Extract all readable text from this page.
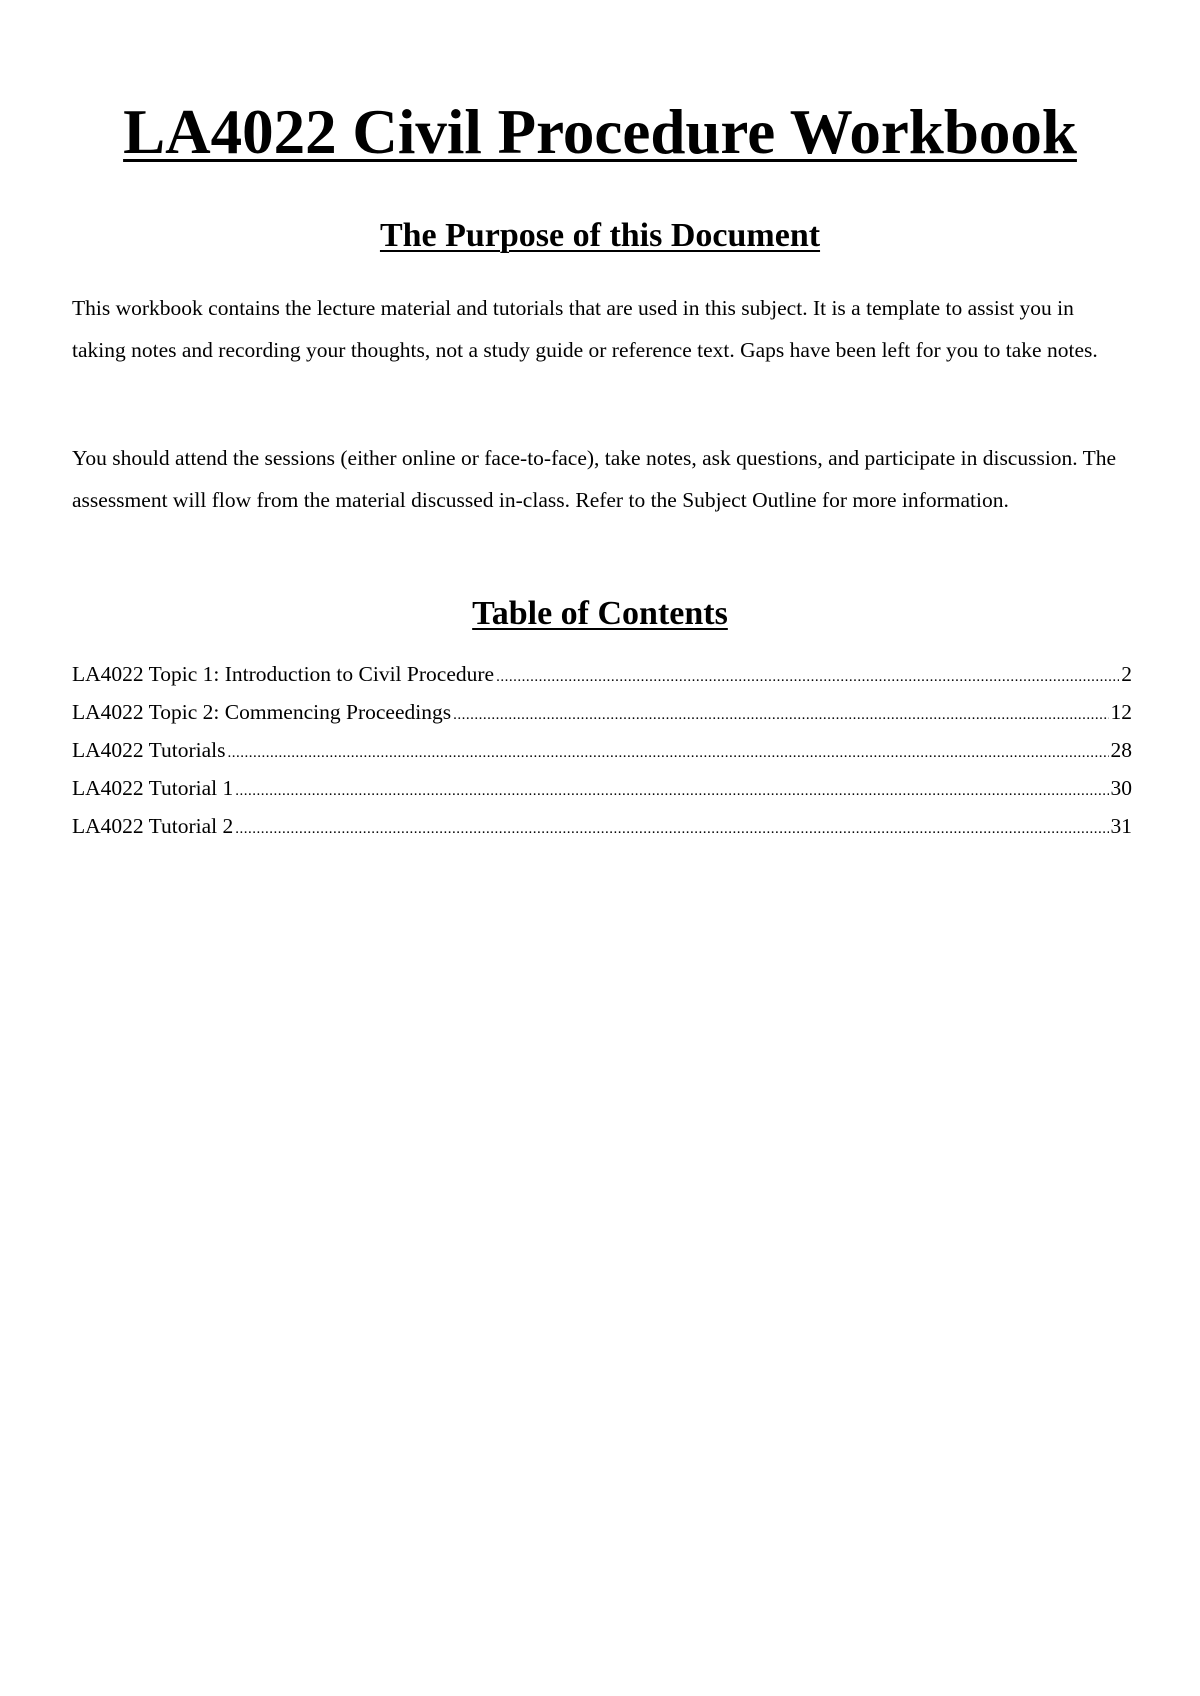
LA4022 Civil Procedure Workbook
The Purpose of this Document

This workbook contains the lecture material and tutorials that are used in this subject. It is a template to assist you in taking notes and recording your thoughts, not a study guide or reference text. Gaps have been left for you to take notes.

You should attend the sessions (either online or face-to-face), take notes, ask questions, and participate in discussion. The assessment will flow from the material discussed in-class. Refer to the Subject Outline for more information.

Table of Contents
LA4022 Topic 1: Introduction to Civil Procedure .....	2
LA4022 Topic 2: Commencing Proceedings .....	12
LA4022 Tutorials .....	28
LA4022 Tutorial 1 .....	30
LA4022 Tutorial 2 .....	31
